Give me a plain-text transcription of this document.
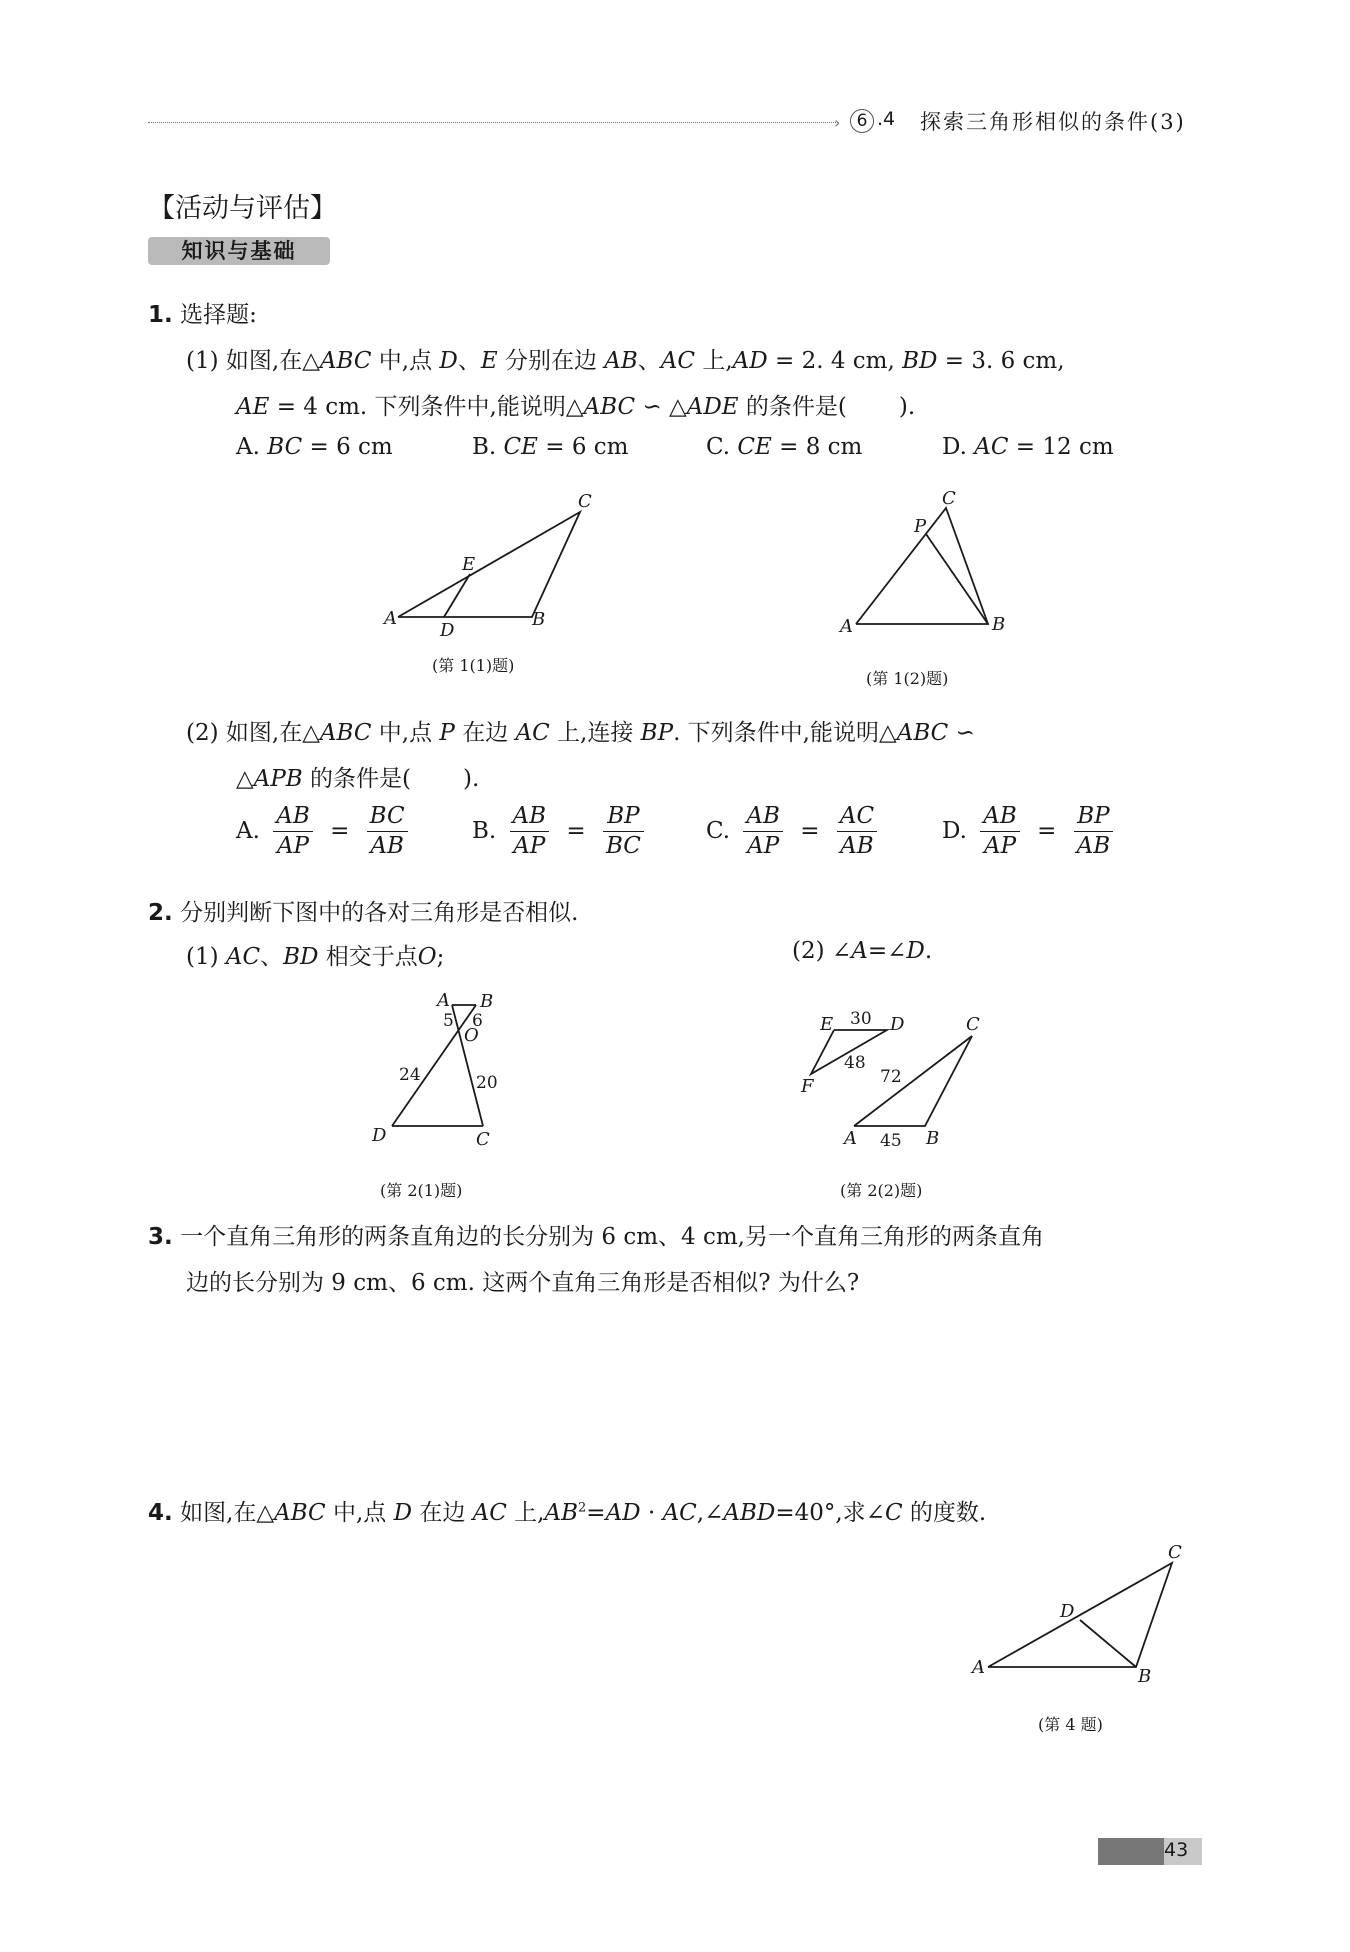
› 6 .4 探索三角形相似的条件(3)
【活动与评估】
知识与基础
1. 选择题:
(1) 如图,在△ABC 中,点 D、E 分别在边 AB、AC 上,AD = 2. 4 cm, BD = 3. 6 cm,
AE = 4 cm. 下列条件中,能说明△ABC ∽ △ADE 的条件是( ).
A. BC = 6 cm	B. CE = 6 cm	C. CE = 8 cm	D. AC = 12 cm
A	B
C
D
E
A	B
C
P
A B
O
D	C
E	D
F
A	B
C
A	B
C
D
5 6
24	20
30
48
72
45
(第 1(1)题)
(第 1(2)题)
(2) 如图,在△ABC 中,点 P 在边 AC 上,连接 BP. 下列条件中,能说明△ABC ∽
△APB 的条件是( ).
A. $\frac{AB}{AP} = \frac{BC}{AB}$	B. $\frac{AB}{AP} = \frac{BP}{BC}$	C. $\frac{AB}{AP} = \frac{AC}{AB}$	D. $\frac{AB}{AP} = \frac{BP}{AB}$
2. 分别判断下图中的各对三角形是否相似.
(1) AC、BD 相交于点O;	(2) ∠A=∠D.
(第 2(1)题)	(第 2(2)题)
3. 一个直角三角形的两条直角边的长分别为 6 cm、4 cm,另一个直角三角形的两条直角
边的长分别为 9 cm、6 cm. 这两个直角三角形是否相似? 为什么?
4. 如图,在△ABC 中,点 D 在边 AC 上$,AB^2=AD$ · AC,∠ABD=40°,求∠C 的度数.
(第 4 题)
43
